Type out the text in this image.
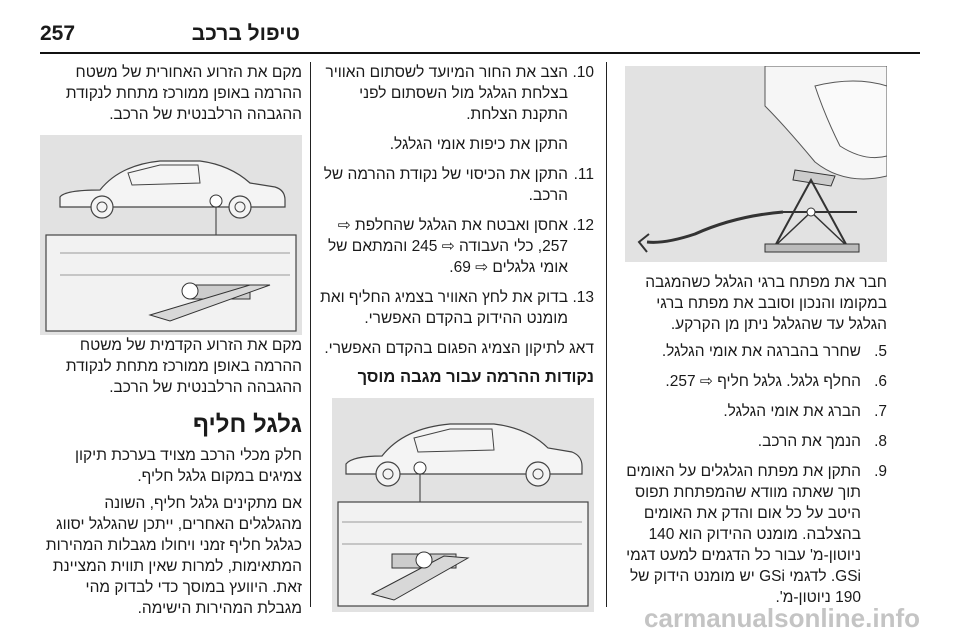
257	טיפול ברכב

מקם את הזרוע האחורית של משטח ההרמה באופן ממורכז מתחת לנקודת ההגבהה הרלבנטית של הרכב.

מקם את הזרוע הקדמית של משטח ההרמה באופן ממורכז מתחת לנקודת ההגבהה הרלבנטית של הרכב.

גלגל חליף

חלק מכלי הרכב מצויד בערכת תיקון צמיגים במקום גלגל חליף.

אם מתקינים גלגל חליף, השונה מהגלגלים האחרים, ייתכן שהגלגל יסווג כגלגל חליף זמני ויחולו מגבלות המהירות המתאימות, למרות שאין תווית המציינת זאת. היוועץ במוסך כדי לבדוק מהי מגבלת המהירות הישימה.

10.
הצב את החור המיועד לשסתום האוויר בצלחת הגלגל מול השסתום לפני התקנת הצלחת.
התקן את כיפות אומי הגלגל.
11.
התקן את הכיסוי של נקודת ההרמה של הרכב.
12.
אחסן ואבטח את הגלגל שהחלפת ⇨ 257, כלי העבודה ⇨ 245 והמתאם של אומי גלגלים ⇨ 69.
13.
בדוק את לחץ האוויר בצמיג החליף ואת מומנט ההידוק בהקדם האפשרי.

דאג לתיקון הצמיג הפגום בהקדם האפשרי.

נקודות ההרמה עבור מגבה מוסך

חבר את מפתח ברגי הגלגל כשהמגבה במקומו והנכון וסובב את מפתח ברגי הגלגל עד שהגלגל ניתן מן הקרקע.

5.
שחרר בהברגה את אומי הגלגל.
6.
החלף גלגל. גלגל חליף ⇨ 257.
7.
הברג את אומי הגלגל.
8.
הנמך את הרכב.
9.
התקן את מפתח הגלגלים על האומים תוך שאתה מוודא שהמפתחת תפוס היטב על כל אום והדק את האומים בהצלבה. מומנט ההידוק הוא 140 ניוטון-מ' עבור כל הדגמים למעט דגמי GSi. לדגמי GSi יש מומנט הידוק של 190 ניוטון-מ'.
carmanualsonline.info
